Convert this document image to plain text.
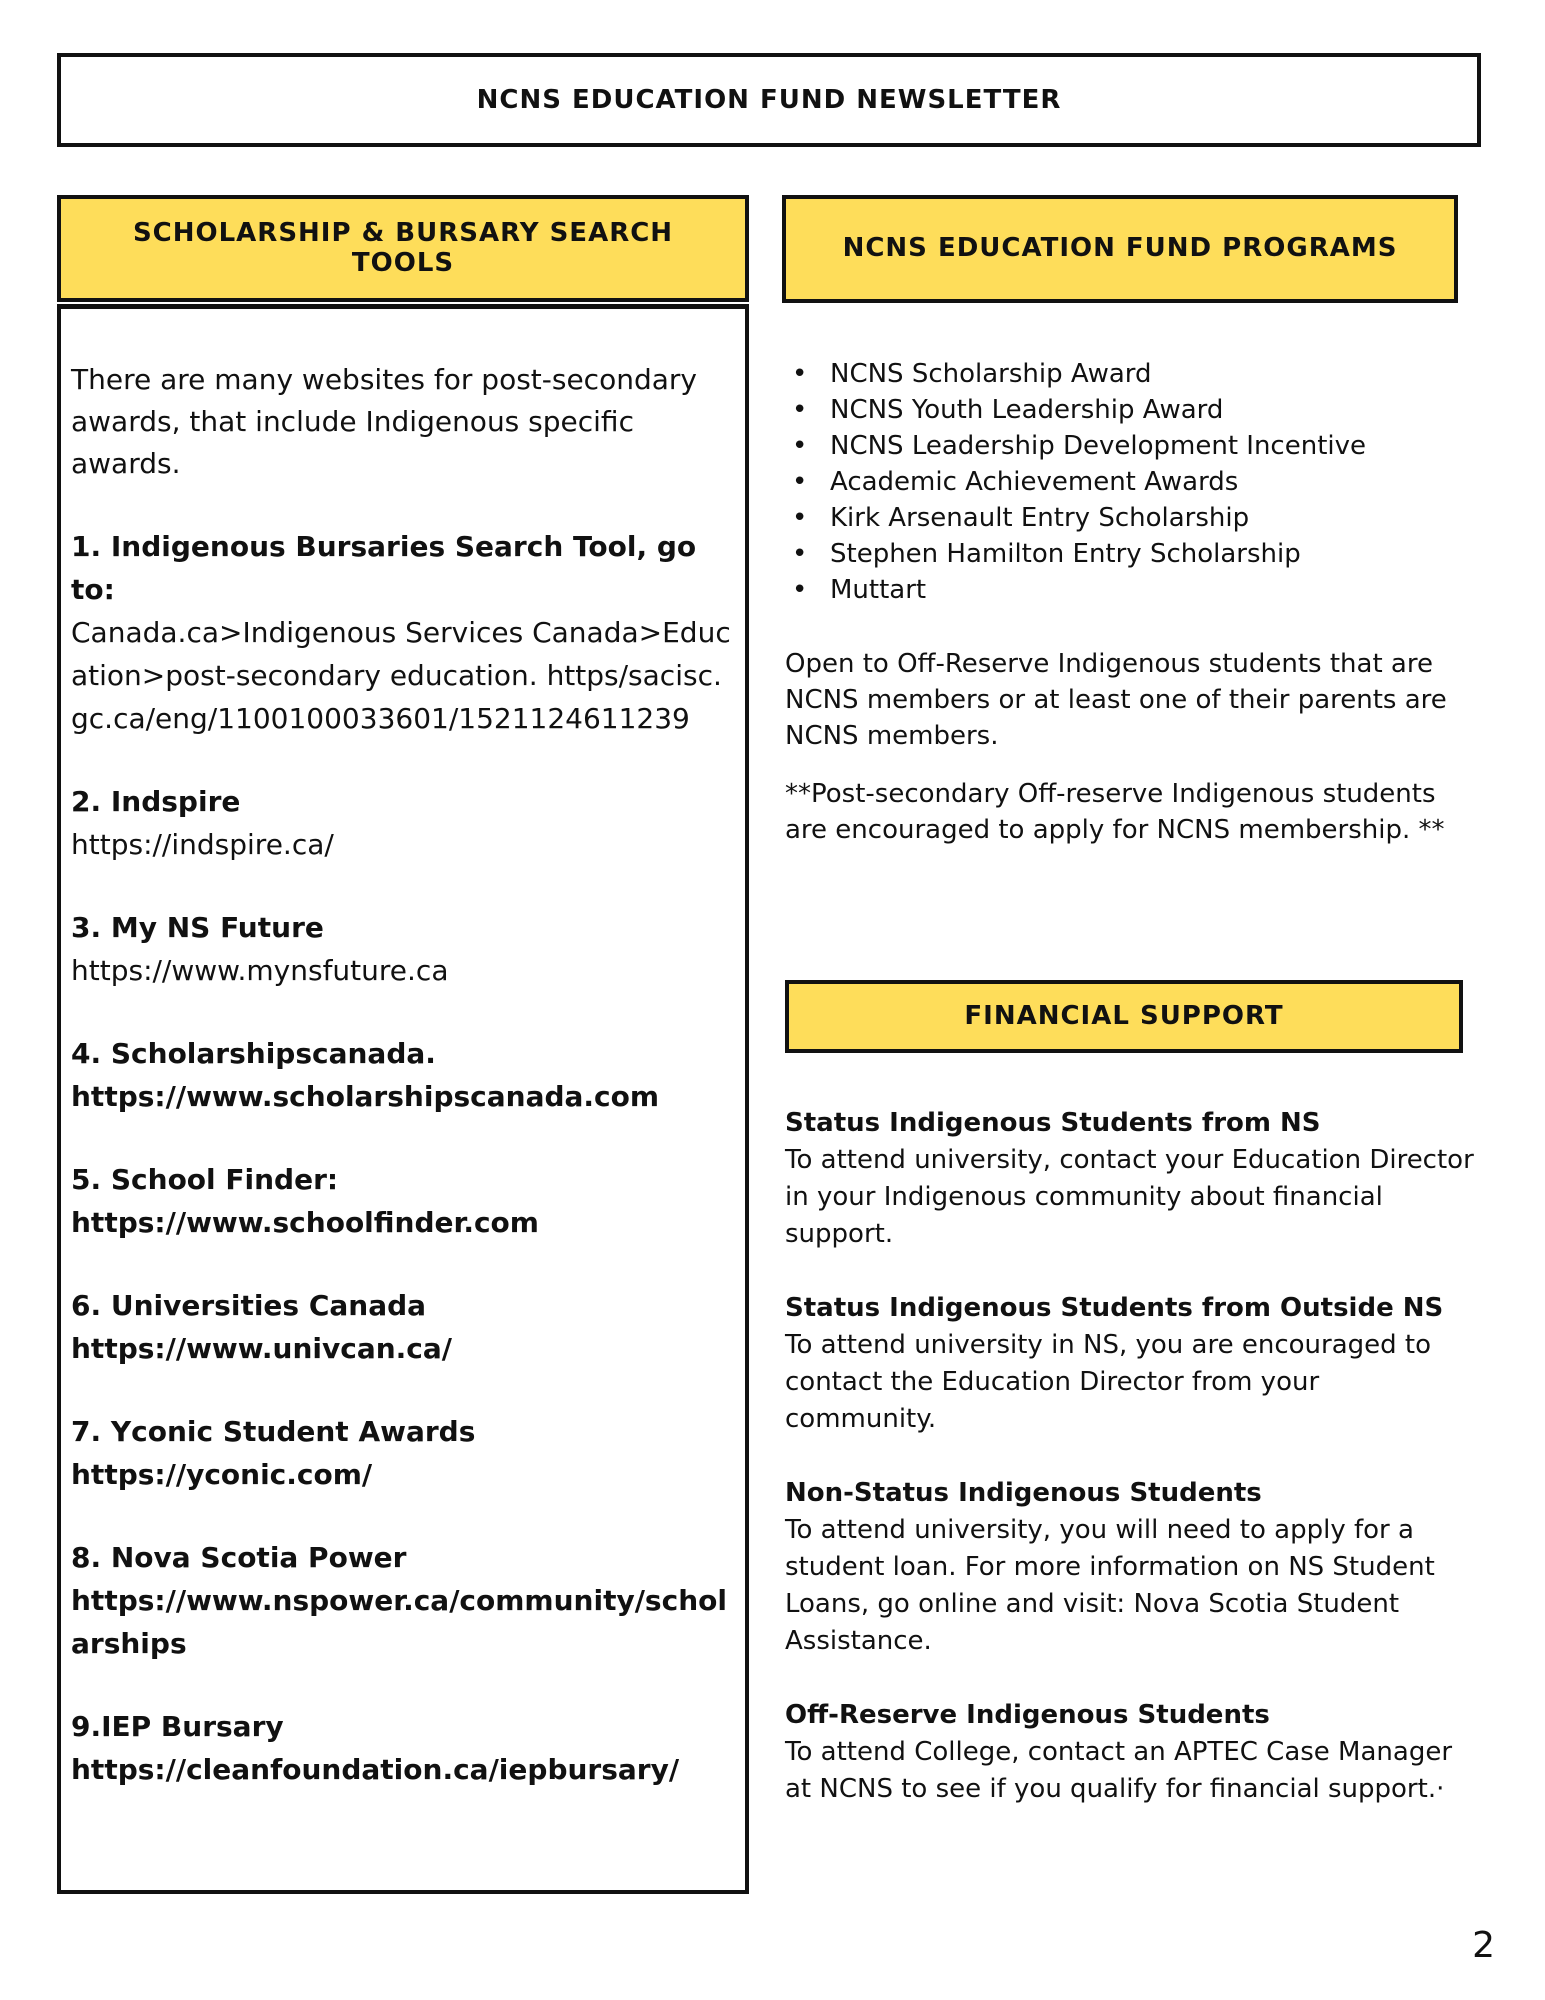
NCNS EDUCATION FUND NEWSLETTER
SCHOLARSHIP & BURSARY SEARCH TOOLS

There are many websites for post-secondary awards, that include Indigenous specific awards.

1. Indigenous Bursaries Search Tool, go to:
Canada.ca>Indigenous Services Canada>Education>post-secondary education. https/sacisc.gc.ca/eng/1100100033601/1521124611239
2. Indspire
https://indspire.ca/
3. My NS Future
https://www.mynsfuture.ca
4. Scholarshipscanada.
https://www.scholarshipscanada.com
5. School Finder:
https://www.schoolfinder.com
6. Universities Canada
https://www.univcan.ca/
7. Yconic Student Awards
https://yconic.com/
8. Nova Scotia Power
https://www.nspower.ca/community/scholarships
9.IEP Bursary
https://cleanfoundation.ca/iepbursary/
NCNS EDUCATION FUND PROGRAMS
• NCNS Scholarship Award
• NCNS Youth Leadership Award
• NCNS Leadership Development Incentive
• Academic Achievement Awards
• Kirk Arsenault Entry Scholarship
• Stephen Hamilton Entry Scholarship
• Muttart

Open to Off-Reserve Indigenous students that are NCNS members or at least one of their parents are NCNS members.

**Post-secondary Off-reserve Indigenous students are encouraged to apply for NCNS membership. **

FINANCIAL SUPPORT
Status Indigenous Students from NS
To attend university, contact your Education Director in your Indigenous community about financial support.
Status Indigenous Students from Outside NS
To attend university in NS, you are encouraged to contact the Education Director from your community.
Non-Status Indigenous Students
To attend university, you will need to apply for a student loan. For more information on NS Student Loans, go online and visit: Nova Scotia Student Assistance.
Off-Reserve Indigenous Students
To attend College, contact an APTEC Case Manager at NCNS to see if you qualify for financial support.·
2
